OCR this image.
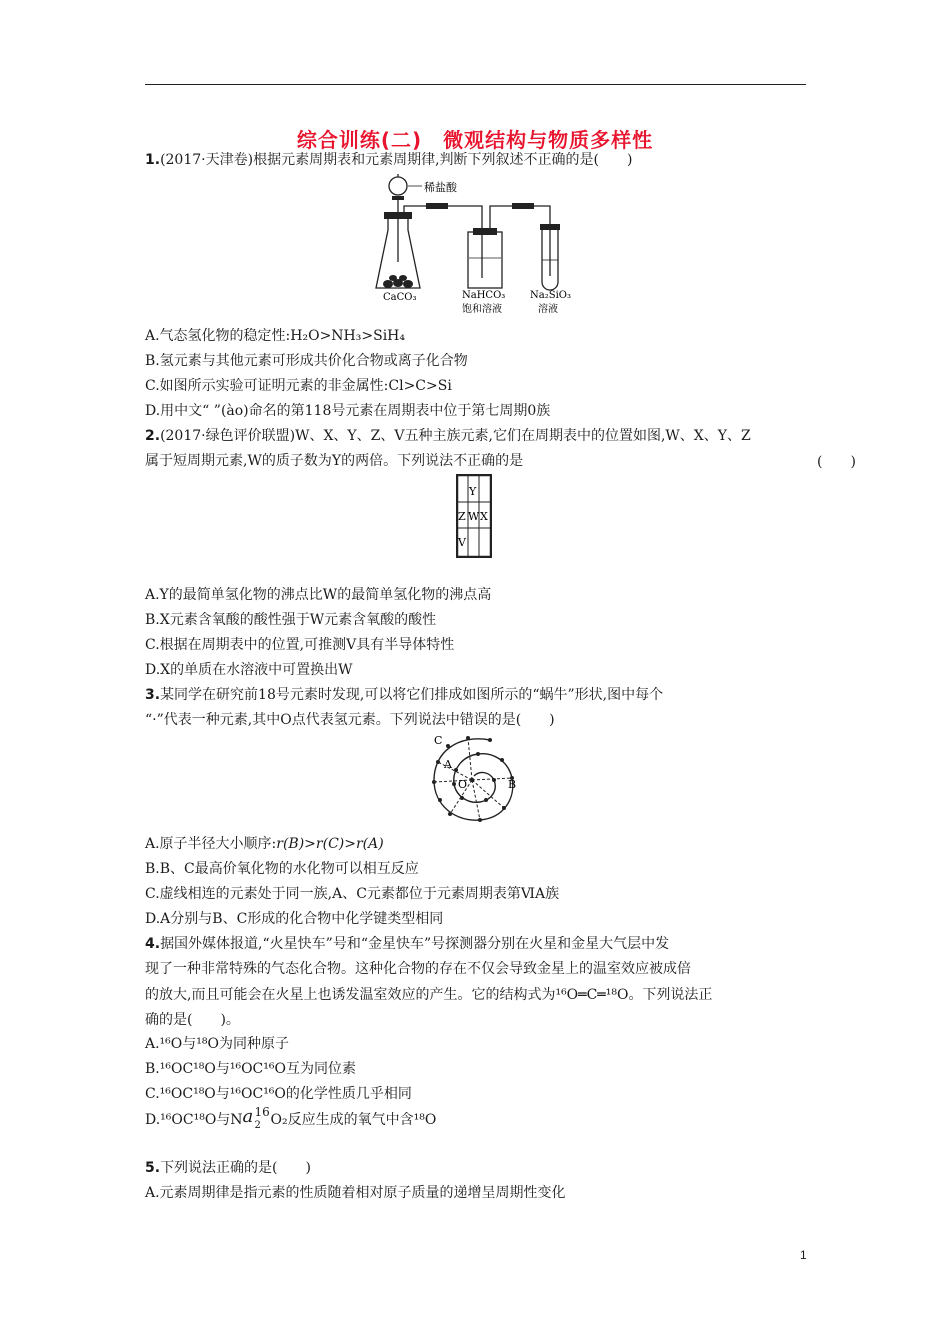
综合训练(二)　微观结构与物质多样性
1.(2017·天津卷)根据元素周期表和元素周期律,判断下列叙述不正确的是(　　)
稀盐酸
CaCO₃	NaHCO₃
饱和溶液
Na₂SiO₃
溶液
A.气态氢化物的稳定性:H₂O>NH₃>SiH₄
B.氢元素与其他元素可形成共价化合物或离子化合物
C.如图所示实验可证明元素的非金属性:Cl>C>Si
D.用中文“ ”(ào)命名的第118号元素在周期表中位于第七周期0族
2.(2017·绿色评价联盟)W、X、Y、Z、V五种主族元素,它们在周期表中的位置如图,W、X、Y、Z
属于短周期元素,W的质子数为Y的两倍。下列说法不正确的是	(　　)
Y
Z W X
V
A.Y的最简单氢化物的沸点比W的最简单氢化物的沸点高
B.X元素含氧酸的酸性强于W元素含氧酸的酸性
C.根据在周期表中的位置,可推测V具有半导体特性
D.X的单质在水溶液中可置换出W
3.某同学在研究前18号元素时发现,可以将它们排成如图所示的“蜗牛”形状,图中每个
“·”代表一种元素,其中O点代表氢元素。下列说法中错误的是(　　)
C
A
O	B
A.原子半径大小顺序:r(B)>r(C)>r(A)
B.B、C最高价氧化物的水化物可以相互反应
C.虚线相连的元素处于同一族,A、C元素都位于元素周期表第ⅥA族
D.A分别与B、C形成的化合物中化学键类型相同
4.据国外媒体报道,“火星快车”号和“金星快车”号探测器分别在火星和金星大气层中发
现了一种非常特殊的气态化合物。这种化合物的存在不仅会导致金星上的温室效应被成倍
的放大,而且可能会在火星上也诱发温室效应的产生。它的结构式为¹⁶O═C═¹⁸O。下列说法正
确的是(　　)。
A.¹⁶O与¹⁸O为同种原子
B.¹⁶OC¹⁸O与¹⁶OC¹⁶O互为同位素
C.¹⁶OC¹⁸O与¹⁶OC¹⁶O的化学性质几乎相同
D.¹⁶OC¹⁸O与N a 16
2 O₂反应生成的氧气中含¹⁸O
5.下列说法正确的是(　　)
A.元素周期律是指元素的性质随着相对原子质量的递增呈周期性变化
1
